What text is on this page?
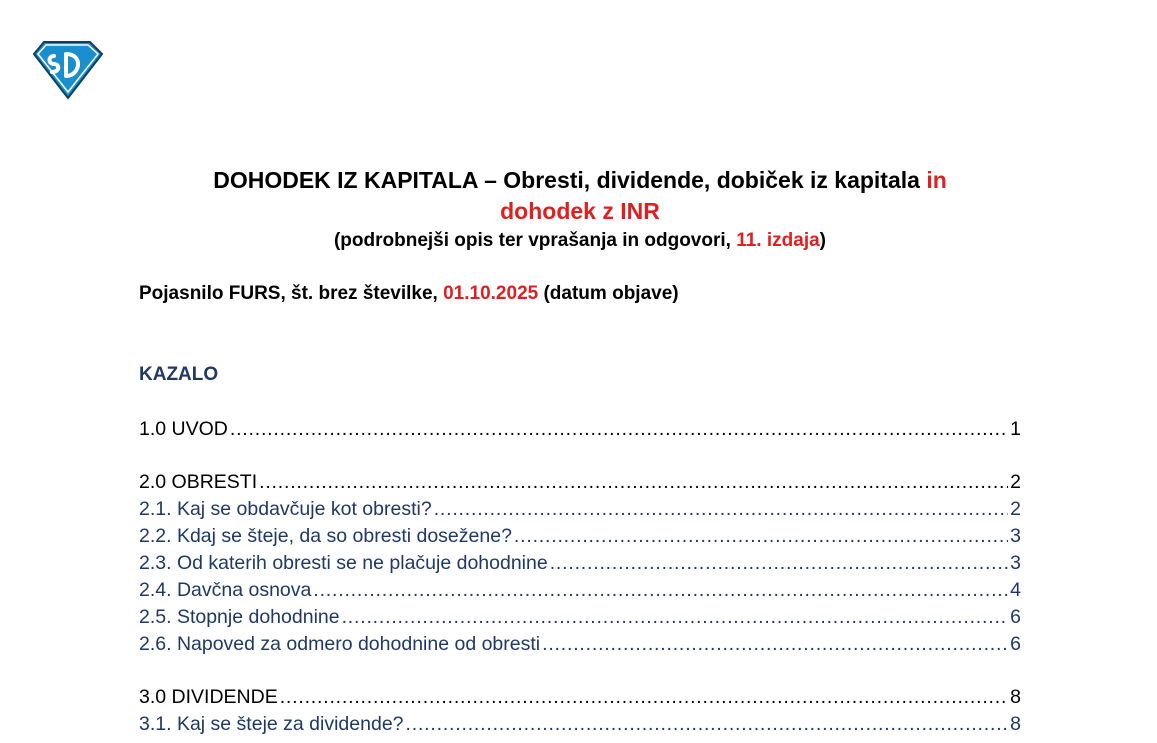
DOHODEK IZ KAPITALA – Obresti, dividende, dobiček iz kapitala in
dohodek z INR
(podrobnejši opis ter vprašanja in odgovori, 11. izdaja)
Pojasnilo FURS, št. brez številke, 01.10.2025 (datum objave)
KAZALO
1.0 UVOD .....	1
2.0 OBRESTI .....	2
2.1. Kaj se obdavčuje kot obresti? .....	2
2.2. Kdaj se šteje, da so obresti dosežene? .....	3
2.3. Od katerih obresti se ne plačuje dohodnine .....	3
2.4. Davčna osnova .....	4
2.5. Stopnje dohodnine .....	6
2.6. Napoved za odmero dohodnine od obresti .....	6
3.0 DIVIDENDE .....	8
3.1. Kaj se šteje za dividende? .....	8
